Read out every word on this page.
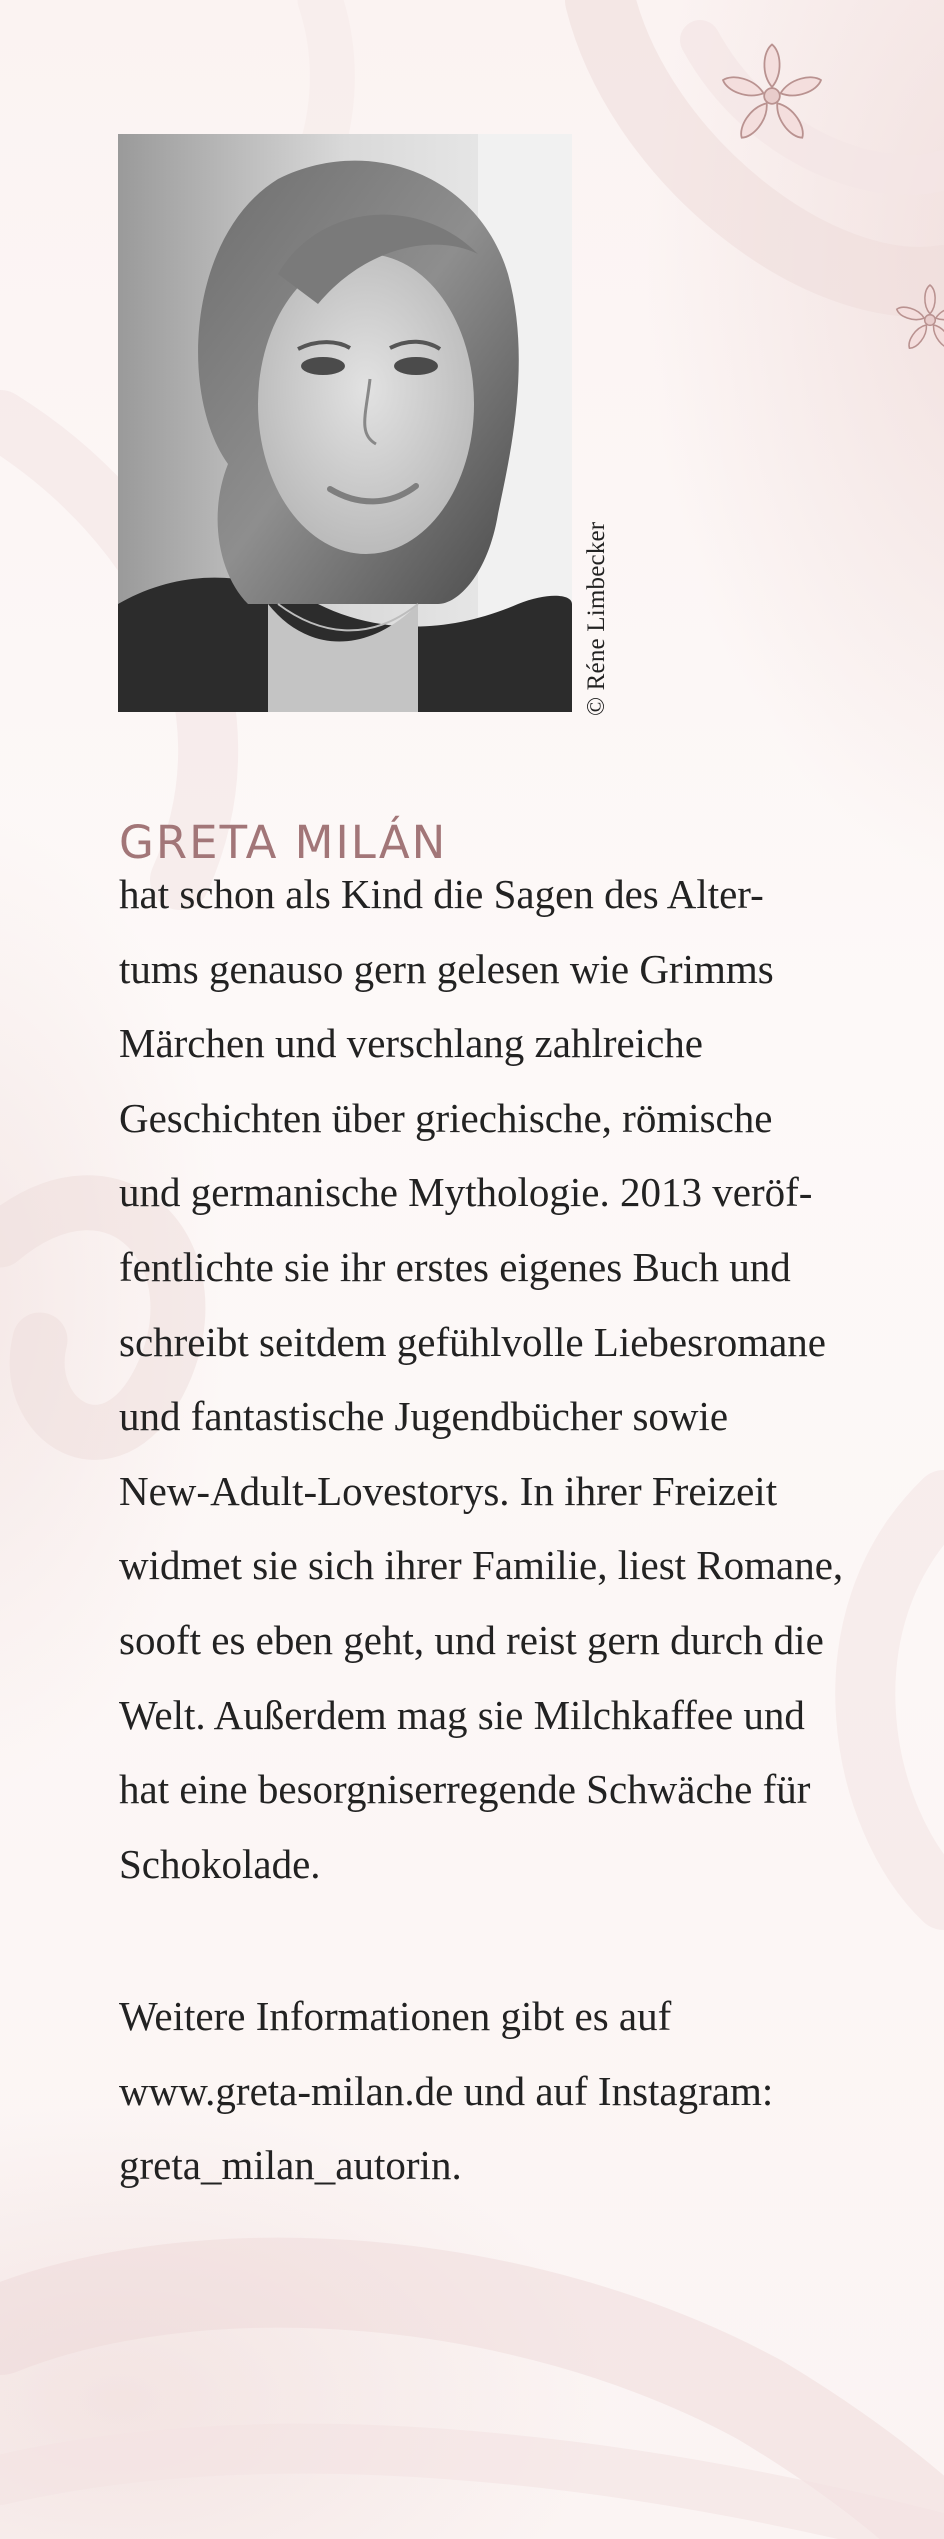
© Réne Limbecker
GRETA MILÁN
hat schon als Kind die Sagen des Alter-
tums genauso gern gelesen wie Grimms
Märchen und verschlang zahlreiche
Geschichten über griechische, römische
und germanische Mythologie. 2013 veröf-
fentlichte sie ihr erstes eigenes Buch und
schreibt seitdem gefühlvolle Liebesromane
und fantastische Jugendbücher sowie
New-Adult-Lovestorys. In ihrer Freizeit
widmet sie sich ihrer Familie, liest Romane,
sooft es eben geht, und reist gern durch die
Welt. Außerdem mag sie Milchkaffee und
hat eine besorgniserregende Schwäche für
Schokolade.
Weitere Informationen gibt es auf
www.greta-milan.de und auf Instagram:
greta_milan_autorin.
